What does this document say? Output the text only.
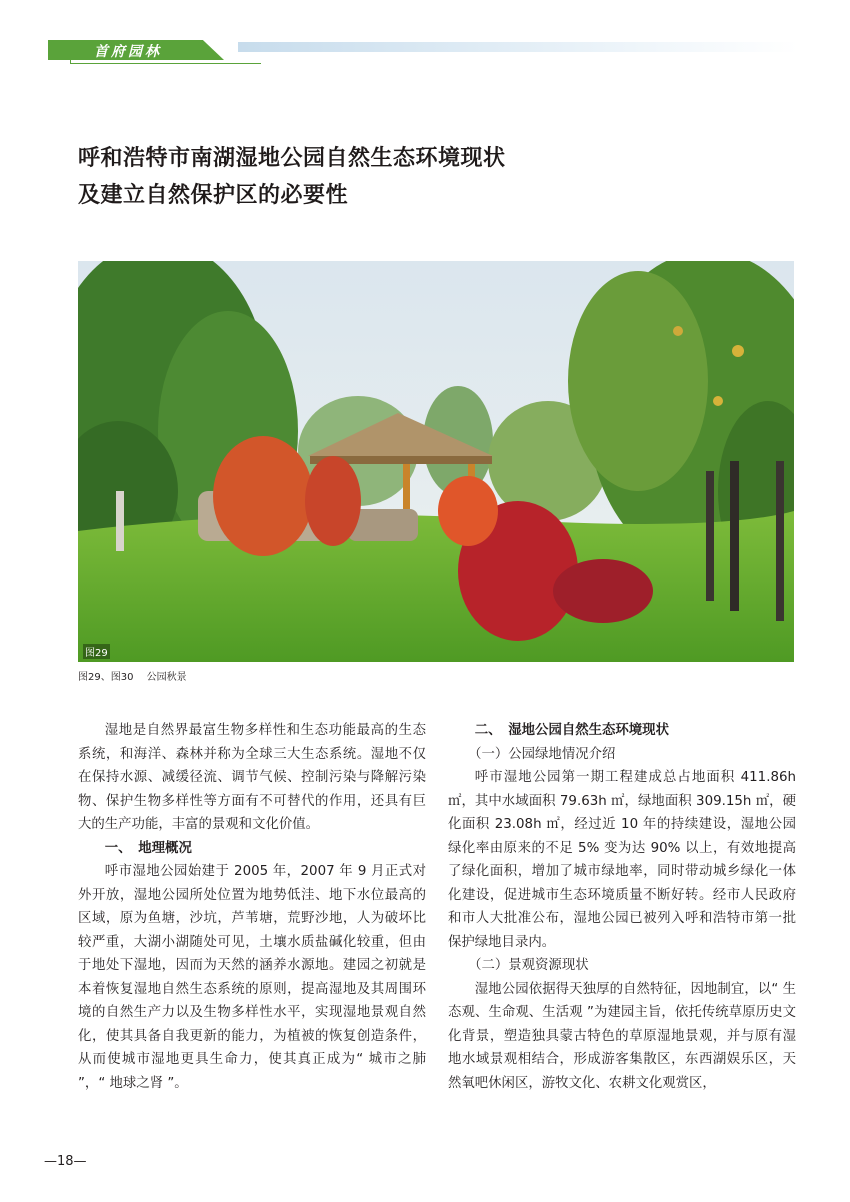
首府园林
呼和浩特市南湖湿地公园自然生态环境现状
及建立自然保护区的必要性
图29
图29、图30　 公园秋景

湿地是自然界最富生物多样性和生态功能最高的生态系统，和海洋、森林并称为全球三大生态系统。湿地不仅在保持水源、减缓径流、调节气候、控制污染与降解污染物、保护生物多样性等方面有不可替代的作用，还具有巨大的生产功能，丰富的景观和文化价值。

一、　地理概况

呼市湿地公园始建于 2005 年，2007 年 9 月正式对外开放，湿地公园所处位置为地势低洼、地下水位最高的区域，原为鱼塘，沙坑，芦苇塘，荒野沙地，人为破坏比较严重，大湖小湖随处可见，土壤水质盐碱化较重，但由于地处下湿地，因而为天然的涵养水源地。建园之初就是本着恢复湿地自然生态系统的原则，提高湿地及其周围环境的自然生产力以及生物多样性水平，实现湿地景观自然化，使其具备自我更新的能力，为植被的恢复创造条件，从而使城市湿地更具生命力，使其真正成为“ 城市之肺 ”，“ 地球之肾 ”。

二、　湿地公园自然生态环境现状

（一）公园绿地情况介绍

呼市湿地公园第一期工程建成总占地面积 411.86h ㎡，其中水域面积 79.63h ㎡，绿地面积 309.15h ㎡，硬化面积 23.08h ㎡，经过近 10 年的持续建设，湿地公园绿化率由原来的不足 5% 变为达 90% 以上，有效地提高了绿化面积，增加了城市绿地率，同时带动城乡绿化一体化建设，促进城市生态环境质量不断好转。经市人民政府和市人大批准公布，湿地公园已被列入呼和浩特市第一批保护绿地目录内。

（二）景观资源现状

湿地公园依据得天独厚的自然特征，因地制宜，以“ 生态观、生命观、生活观 ”为建园主旨，依托传统草原历史文化背景，塑造独具蒙古特色的草原湿地景观，并与原有湿地水域景观相结合，形成游客集散区，东西湖娱乐区，天然氧吧休闲区，游牧文化、农耕文化观赏区，

—18—
